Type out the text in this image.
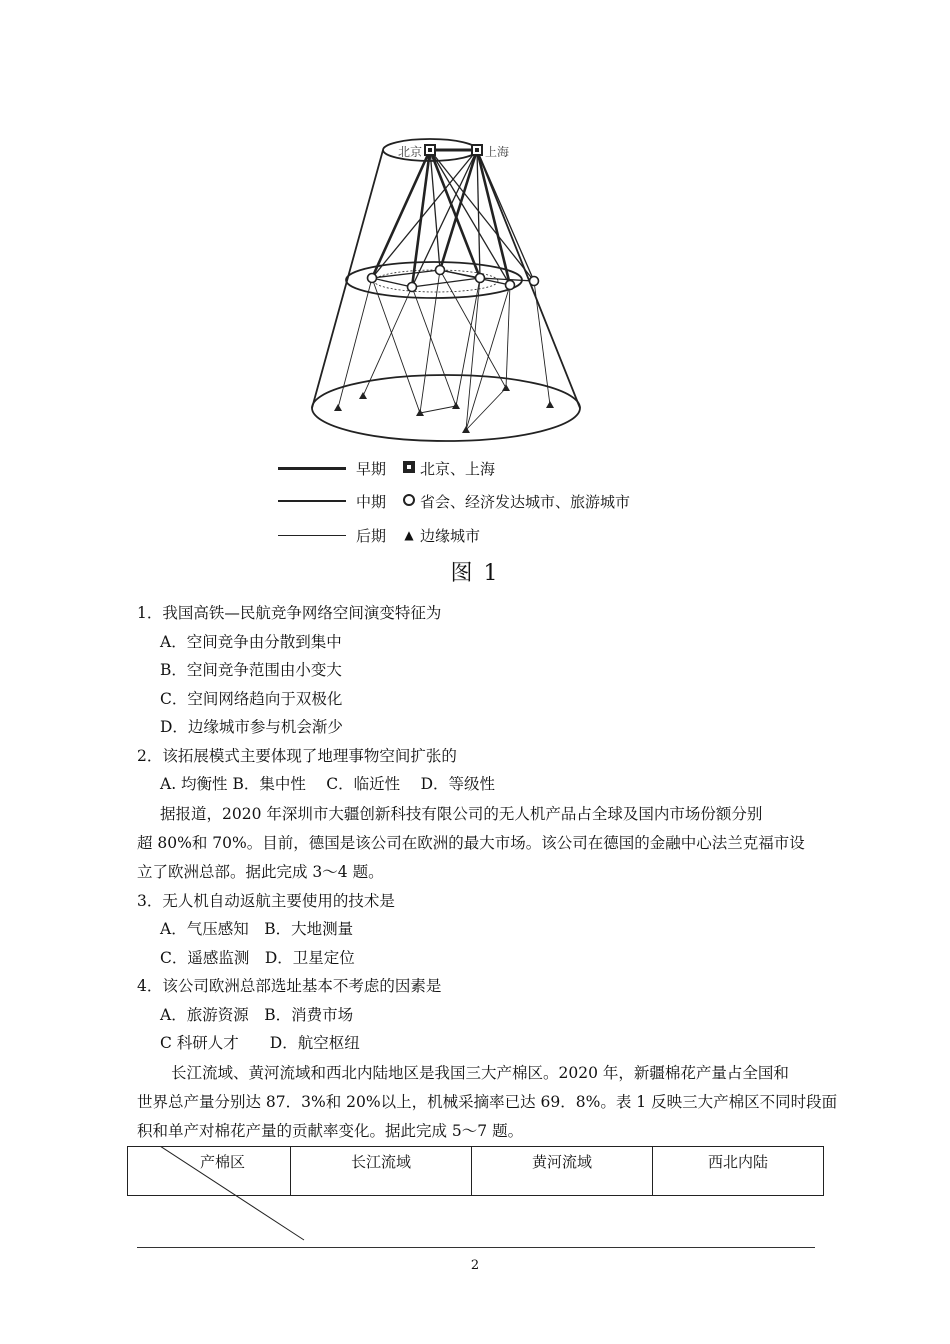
北京	上海
早期	北京、上海
中期	省会、经济发达城市、旅游城市
后期	▲ 边缘城市
图 1
1．我国高铁—民航竞争网络空间演变特征为
A．空间竞争由分散到集中
B．空间竞争范围由小变大
C．空间网络趋向于双极化
D．边缘城市参与机会渐少
2．该拓展模式主要体现了地理事物空间扩张的
A. 均衡性 B．集中性　 C．临近性　 D．等级性
据报道，2020 年深圳市大疆创新科技有限公司的无人机产品占全球及国内市场份额分别
超 80%和 70%。目前，德国是该公司在欧洲的最大市场。该公司在德国的金融中心法兰克福市设
立了欧洲总部。据此完成 3～4 题。
3．无人机自动返航主要使用的技术是
A．气压感知　B．大地测量
C．遥感监测　D．卫星定位
4．该公司欧洲总部选址基本不考虑的因素是
A．旅游资源　B．消费市场
C 科研人才　　D．航空枢纽
长江流域、黄河流域和西北内陆地区是我国三大产棉区。2020 年，新疆棉花产量占全国和
世界总产量分别达 87．3%和 20%以上，机械采摘率已达 69．8%。表 1 反映三大产棉区不同时段面
积和单产对棉花产量的贡献率变化。据此完成 5～7 题。
产棉区	长江流域	黄河流域	西北内陆
2
